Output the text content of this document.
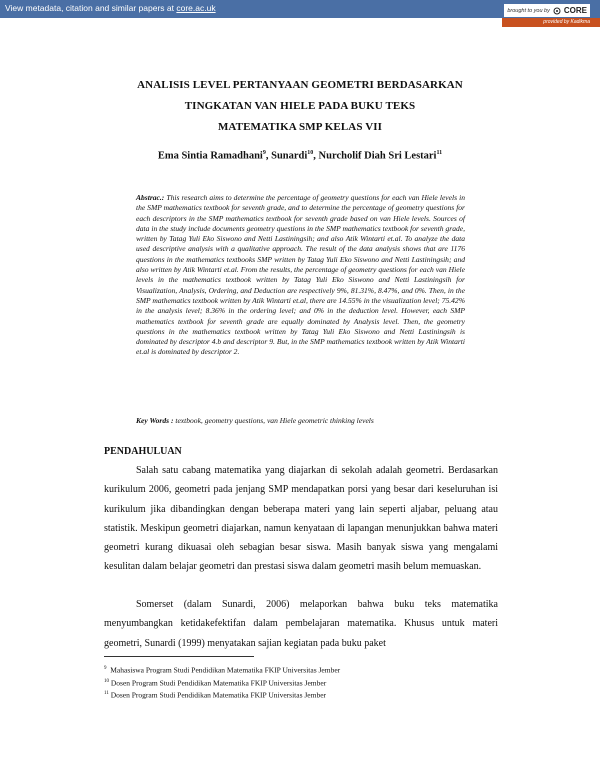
View metadata, citation and similar papers at core.ac.uk	brought to you by CORE
provided by Kadikma
ANALISIS LEVEL PERTANYAAN GEOMETRI BERDASARKAN
TINGKATAN VAN HIELE PADA BUKU TEKS
MATEMATIKA SMP KELAS VII
Ema Sintia Ramadhani$^9$, Sunardi$^{10}$, Nurcholif Diah Sri Lestari$^{11}$
Abstrac.: This research aims to determine the percentage of geometry questions for each van Hiele levels in the SMP mathematics textbook for seventh grade, and to determine the percentage of geometry questions for each descriptors in the SMP mathematics textbook for seventh grade based on van Hiele levels. Sources of data in the study include documents geometry questions in the SMP mathematics textbook for seventh grade, written by Tatag Yuli Eko Siswono and Netti Lastiningsih; and also Atik Wintarti et.al. To analyze the data used descriptive analysis with a qualitative approach. The result of the data analysis shows that are 1176 questions in the mathematics textbooks SMP written by Tatag Yuli Eko Siswono and Netti Lastiningsih; and also written by Atik Wintarti et.al. From the results, the percentage of geometry questions for each van Hiele levels in the mathematics textbook written by Tatag Yuli Eko Siswono and Netti Lastiningsih for Visualization, Analysis, Ordering, and Deduction are respectively 9%, 81.31%, 8.47%, and 0%. Then, in the SMP mathematics textbook written by Atik Wintarti et.al, there are 14.55% in the visualization level; 75.42% in the analysis level; 8.36% in the ordering level; and 0% in the deduction level. However, each SMP mathematics textbook for seventh grade are equally dominated by Analysis level. Then, the geometry questions in the mathematics textbook written by Tatag Yuli Eko Siswono and Netti Lastiningsih is dominated by descriptor 4.b and descriptor 9. But, in the SMP mathematics textbook written by Atik Wintarti et.al is dominated by descriptor 2.
Key Words : textbook, geometry questions, van Hiele geometric thinking levels
PENDAHULUAN
Salah satu cabang matematika yang diajarkan di sekolah adalah geometri. Berdasarkan kurikulum 2006, geometri pada jenjang SMP mendapatkan porsi yang besar dari keseluruhan isi kurikulum jika dibandingkan dengan beberapa materi yang lain seperti aljabar, peluang atau statistik. Meskipun geometri diajarkan, namun kenyataan di lapangan menunjukkan bahwa materi geometri kurang dikuasai oleh sebagian besar siswa. Masih banyak siswa yang mengalami kesulitan dalam belajar geometri dan prestasi siswa dalam geometri masih belum memuaskan.
Somerset (dalam Sunardi, 2006) melaporkan bahwa buku teks matematika menyumbangkan ketidakefektifan dalam pembelajaran matematika. Khusus untuk materi geometri, Sunardi (1999) menyatakan sajian kegiatan pada buku paket
$^9$ Mahasiswa Program Studi Pendidikan Matematika FKIP Universitas Jember
$^{10}$ Dosen Program Studi Pendidikan Matematika FKIP Universitas Jember
$^{11}$ Dosen Program Studi Pendidikan Matematika FKIP Universitas Jember
